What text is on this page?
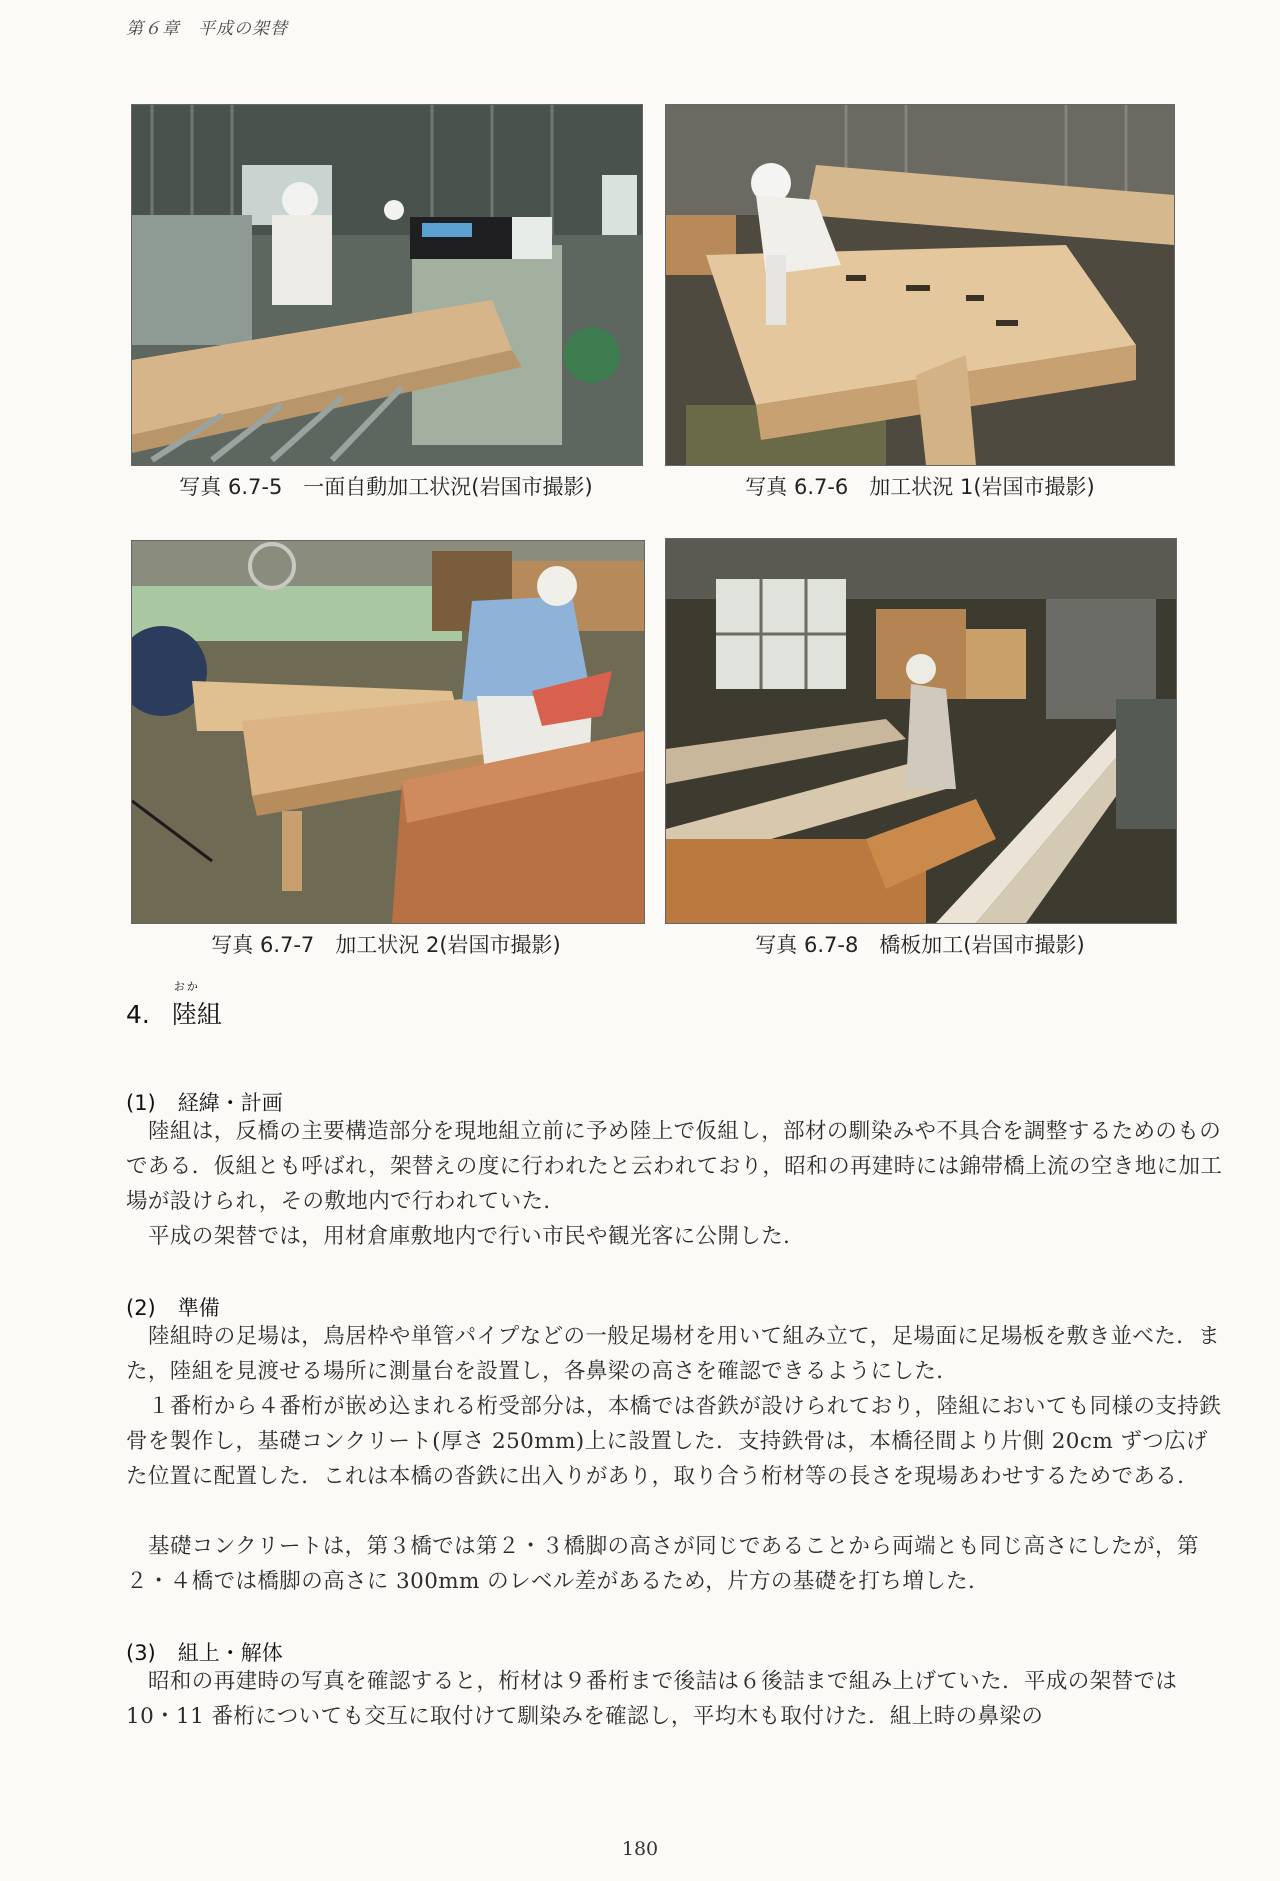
第６章　平成の架替
写真 6.7-5　一面自動加工状況(岩国市撮影)	写真 6.7-6　加工状況 1(岩国市撮影)
写真 6.7-7　加工状況 2(岩国市撮影)	写真 6.7-8　橋板加工(岩国市撮影)
4.
おか
陸組
(1) 経緯・計画

陸組は，反橋の主要構造部分を現地組立前に予め陸上で仮組し，部材の馴染みや不具合を調整するためのものである．仮組とも呼ばれ，架替えの度に行われたと云われており，昭和の再建時には錦帯橋上流の空き地に加工場が設けられ，その敷地内で行われていた．

平成の架替では，用材倉庫敷地内で行い市民や観光客に公開した．

(2) 準備

陸組時の足場は，鳥居枠や単管パイプなどの一般足場材を用いて組み立て，足場面に足場板を敷き並べた．また，陸組を見渡せる場所に測量台を設置し，各鼻梁の高さを確認できるようにした．

１番桁から４番桁が嵌め込まれる桁受部分は，本橋では沓鉄が設けられており，陸組においても同様の支持鉄骨を製作し，基礎コンクリート(厚さ 250mm)上に設置した．支持鉄骨は，本橋径間より片側 20cm ずつ広げた位置に配置した．これは本橋の沓鉄に出入りがあり，取り合う桁材等の長さを現場あわせするためである．

基礎コンクリートは，第３橋では第２・３橋脚の高さが同じであることから両端とも同じ高さにしたが，第２・４橋では橋脚の高さに 300mm のレベル差があるため，片方の基礎を打ち増した．

(3) 組上・解体

昭和の再建時の写真を確認すると，桁材は９番桁まで後詰は６後詰まで組み上げていた．平成の架替では 10・11 番桁についても交互に取付けて馴染みを確認し，平均木も取付けた．組上時の鼻梁の

180
